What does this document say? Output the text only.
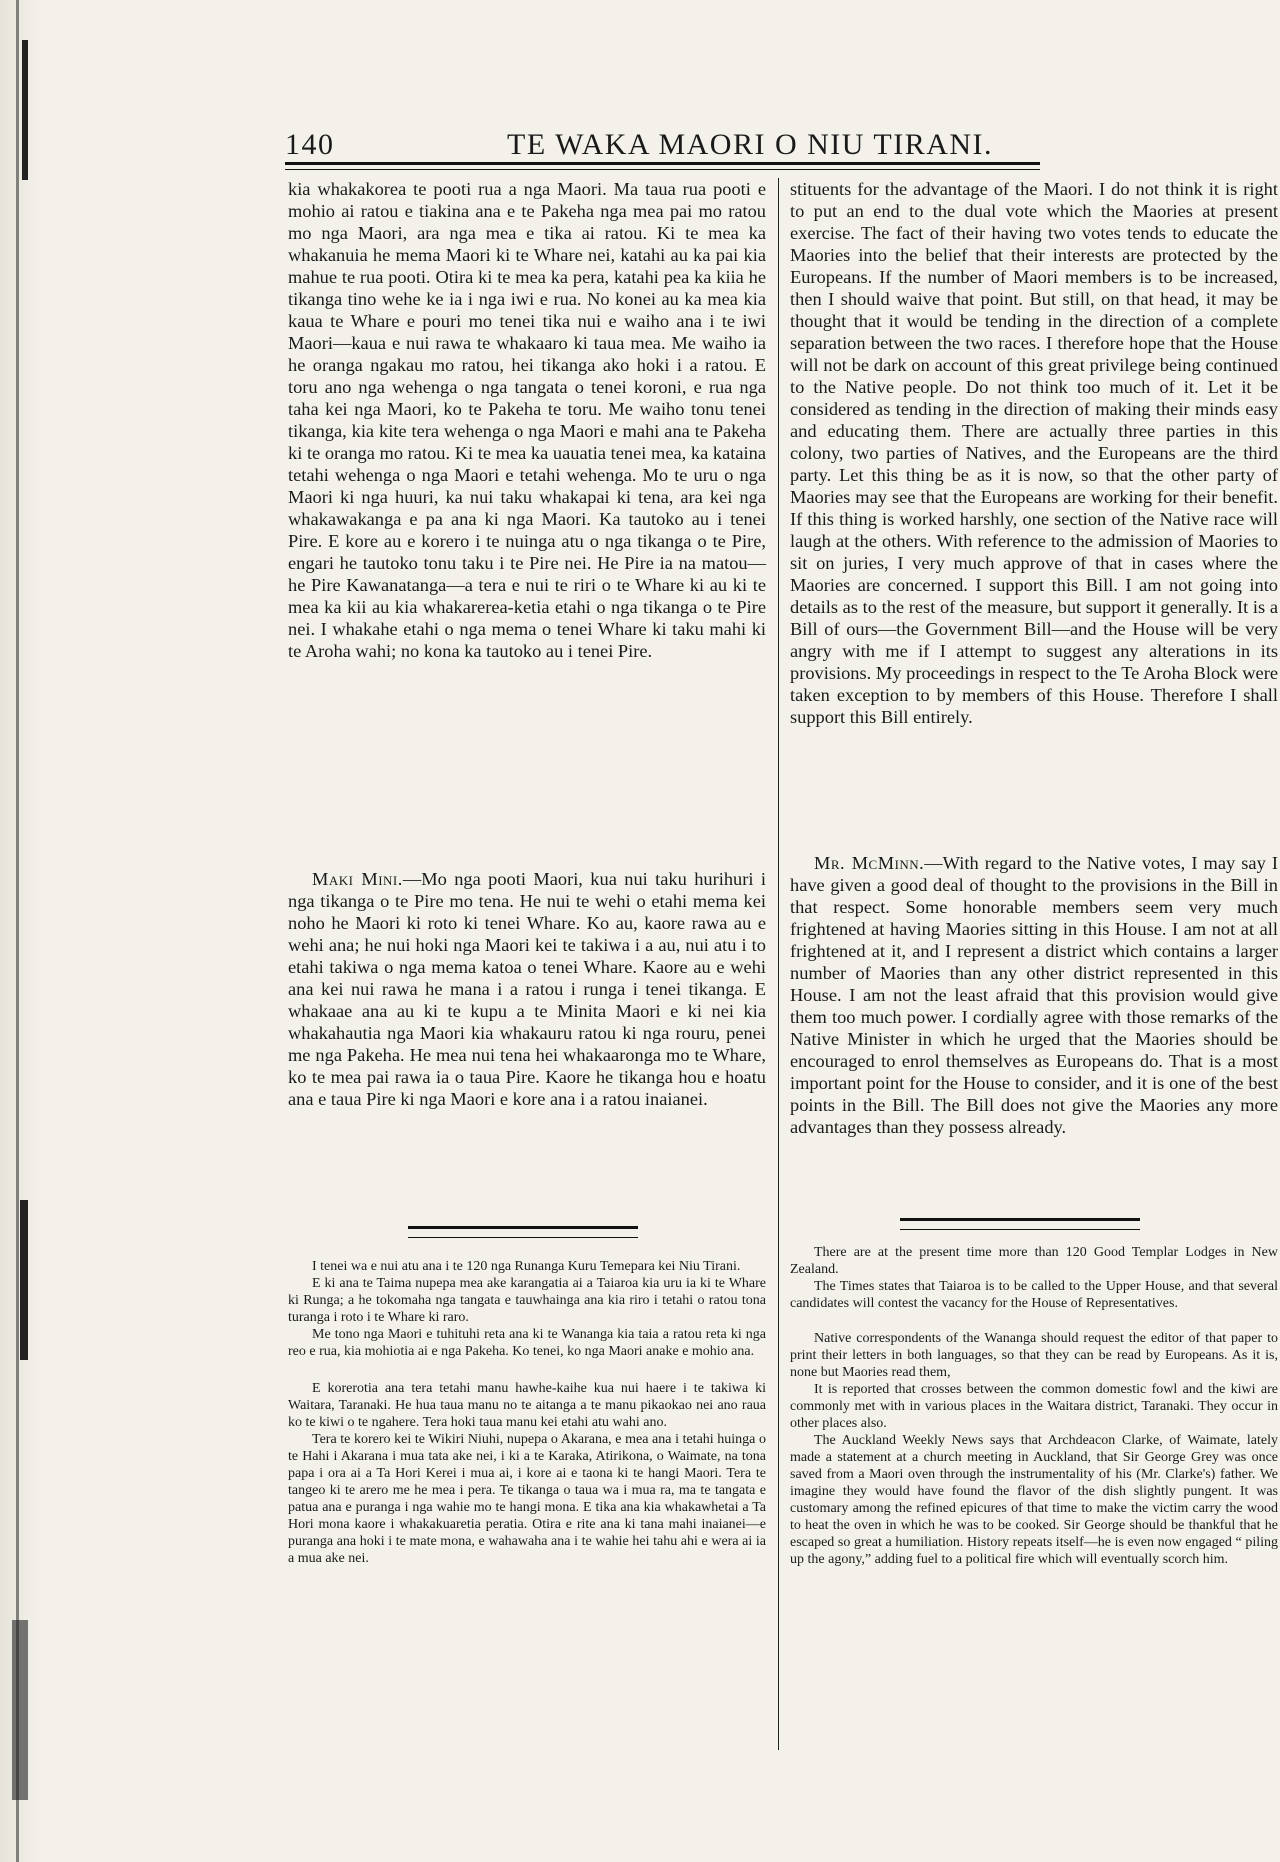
140	TE WAKA MAORI O NIU TIRANI.

kia whakakorea te pooti rua a nga Maori. Ma taua rua pooti e mohio ai ratou e tiakina ana e te Pakeha nga mea pai mo ratou mo nga Maori, ara nga mea e tika ai ratou. Ki te mea ka whakanuia he mema Maori ki te Whare nei, katahi au ka pai kia mahue te rua pooti. Otira ki te mea ka pera, katahi pea ka kiia he tikanga tino wehe ke ia i nga iwi e rua. No konei au ka mea kia kaua te Whare e pouri mo tenei tika nui e waiho ana i te iwi Maori—kaua e nui rawa te whakaaro ki taua mea. Me waiho ia he oranga ngakau mo ratou, hei tikanga ako hoki i a ratou. E toru ano nga wehenga o nga tangata o tenei koroni, e rua nga taha kei nga Maori, ko te Pakeha te toru. Me waiho tonu tenei tikanga, kia kite tera wehenga o nga Maori e mahi ana te Pakeha ki te oranga mo ratou. Ki te mea ka uauatia tenei mea, ka kataina tetahi wehenga o nga Maori e tetahi wehenga. Mo te uru o nga Maori ki nga huuri, ka nui taku whakapai ki tena, ara kei nga whakawakanga e pa ana ki nga Maori. Ka tautoko au i tenei Pire. E kore au e korero i te nuinga atu o nga tikanga o te Pire, engari he tautoko tonu taku i te Pire nei. He Pire ia na matou—he Pire Kawanatanga—a tera e nui te riri o te Whare ki au ki te mea ka kii au kia whakarerea-ketia etahi o nga tikanga o te Pire nei. I whakahe etahi o nga mema o tenei Whare ki taku mahi ki te Aroha wahi; no kona ka tautoko au i tenei Pire.

Maki Mini.—Mo nga pooti Maori, kua nui taku hurihuri i nga tikanga o te Pire mo tena. He nui te wehi o etahi mema kei noho he Maori ki roto ki tenei Whare. Ko au, kaore rawa au e wehi ana; he nui hoki nga Maori kei te takiwa i a au, nui atu i to etahi takiwa o nga mema katoa o tenei Whare. Kaore au e wehi ana kei nui rawa he mana i a ratou i runga i tenei tikanga. E whakaae ana au ki te kupu a te Minita Maori e ki nei kia whakahautia nga Maori kia whakauru ratou ki nga rouru, penei me nga Pakeha. He mea nui tena hei whakaaronga mo te Whare, ko te mea pai rawa ia o taua Pire. Kaore he tikanga hou e hoatu ana e taua Pire ki nga Maori e kore ana i a ratou inaianei.

I tenei wa e nui atu ana i te 120 nga Runanga Kuru Temepara kei Niu Tirani.

E ki ana te Taima nupepa mea ake karangatia ai a Taiaroa kia uru ia ki te Whare ki Runga; a he tokomaha nga tangata e tauwhainga ana kia riro i tetahi o ratou tona turanga i roto i te Whare ki raro.

Me tono nga Maori e tuhituhi reta ana ki te Wananga kia taia a ratou reta ki nga reo e rua, kia mohiotia ai e nga Pakeha. Ko tenei, ko nga Maori anake e mohio ana.

E korerotia ana tera tetahi manu hawhe-kaihe kua nui haere i te takiwa ki Waitara, Taranaki. He hua taua manu no te aitanga a te manu pikaokao nei ano raua ko te kiwi o te ngahere. Tera hoki taua manu kei etahi atu wahi ano.

Tera te korero kei te Wikiri Niuhi, nupepa o Akarana, e mea ana i tetahi huinga o te Hahi i Akarana i mua tata ake nei, i ki a te Karaka, Atirikona, o Waimate, na tona papa i ora ai a Ta Hori Kerei i mua ai, i kore ai e taona ki te hangi Maori. Tera te tangeo ki te arero me he meа i pera. Te tikanga o taua wa i mua ra, ma te tangata e patua ana e puranga i nga wahie mo te hangi mona. E tika ana kia whakawhetai a Ta Hori mona kaore i whakakuaretia peratia. Otira e rite ana ki tana mahi inaianei—e puranga ana hoki i te mate mona, e wahawaha ana i te wahie hei tahu ahi e wera ai ia a mua ake nei.

stituents for the advantage of the Maori. I do not think it is right to put an end to the dual vote which the Maories at present exercise. The fact of their having two votes tends to educate the Maories into the belief that their interests are protected by the Europeans. If the number of Maori members is to be increased, then I should waive that point. But still, on that head, it may be thought that it would be tending in the direction of a complete separation between the two races. I therefore hope that the House will not be dark on account of this great privilege being continued to the Native people. Do not think too much of it. Let it be considered as tending in the direction of making their minds easy and educating them. There are actually three parties in this colony, two parties of Natives, and the Europeans are the third party. Let this thing be as it is now, so that the other party of Maories may see that the Europeans are working for their benefit. If this thing is worked harshly, one section of the Native race will laugh at the others. With reference to the admission of Maories to sit on juries, I very much approve of that in cases where the Maories are concerned. I support this Bill. I am not going into details as to the rest of the measure, but support it generally. It is a Bill of ours—the Government Bill—and the House will be very angry with me if I attempt to suggest any alterations in its provisions. My proceedings in respect to the Te Aroha Block were taken exception to by members of this House. Therefore I shall support this Bill entirely.

Mr. McMinn.—With regard to the Native votes, I may say I have given a good deal of thought to the provisions in the Bill in that respect. Some honorable members seem very much frightened at having Maories sitting in this House. I am not at all frightened at it, and I represent a district which contains a larger number of Maories than any other district represented in this House. I am not the least afraid that this provision would give them too much power. I cordially agree with those remarks of the Native Minister in which he urged that the Maories should be encouraged to enrol themselves as Europeans do. That is a most important point for the House to consider, and it is one of the best points in the Bill. The Bill does not give the Maories any more advantages than they possess already.

There are at the present time more than 120 Good Templar Lodges in New Zealand.

The Times states that Taiaroa is to be called to the Upper House, and that several candidates will contest the vacancy for the House of Representatives.

Native correspondents of the Wananga should request the editor of that paper to print their letters in both languages, so that they can be read by Europeans. As it is, none but Maories read them,

It is reported that crosses between the common domestic fowl and the kiwi are commonly met with in various places in the Waitara district, Taranaki. They occur in other places also.

The Auckland Weekly News says that Archdeacon Clarke, of Waimate, lately made a statement at a church meeting in Auckland, that Sir George Grey was once saved from a Maori oven through the instrumentality of his (Mr. Clarke's) father. We imagine they would have found the flavor of the dish slightly pungent. It was customary among the refined epicures of that time to make the victim carry the wood to heat the oven in which he was to be cooked. Sir George should be thankful that he escaped so great a humiliation. History repeats itself—he is even now engaged “ piling up the agony,” adding fuel to a political fire which will eventually scorch him.
